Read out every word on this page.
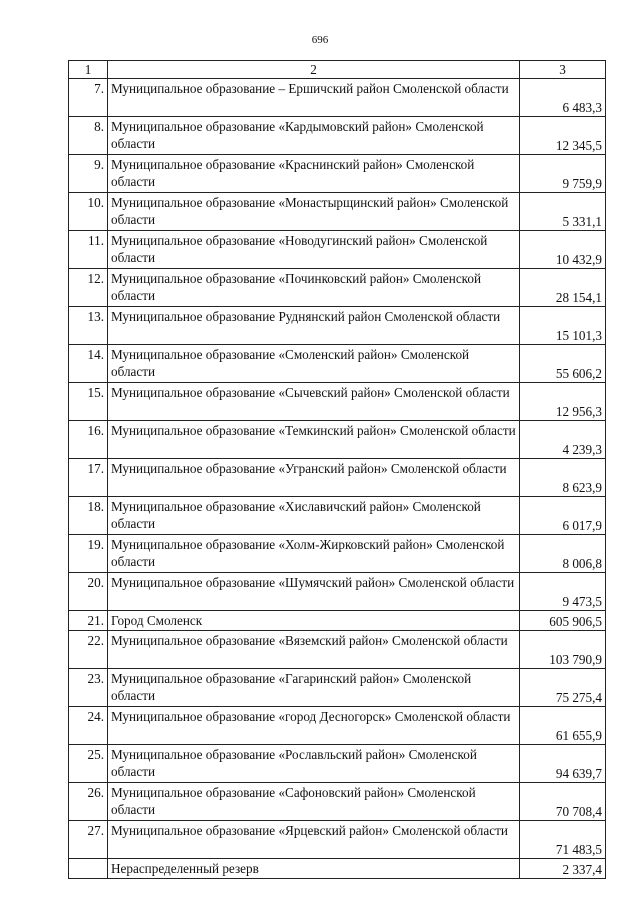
696
1	2	3
7.	Муниципальное образование – Ершичский район Смоленской области	6 483,3
8.	Муниципальное образование «Кардымовский район» Смоленской области	12 345,5
9.	Муниципальное образование «Краснинский район» Смоленской области	9 759,9
10.	Муниципальное образование «Монастырщинский район» Смоленской области	5 331,1
11.	Муниципальное образование «Новодугинский район» Смоленской области	10 432,9
12.	Муниципальное образование «Починковский район» Смоленской области	28 154,1
13.	Муниципальное образование Руднянский район Смоленской области	15 101,3
14.	Муниципальное образование «Смоленский район» Смоленской области	55 606,2
15.	Муниципальное образование «Сычевский район» Смоленской области	12 956,3
16.	Муниципальное образование «Темкинский район» Смоленской области	4 239,3
17.	Муниципальное образование «Угранский район» Смоленской области	8 623,9
18.	Муниципальное образование «Хиславичский район» Смоленской области	6 017,9
19.	Муниципальное образование «Холм-Жирковский район» Смоленской области	8 006,8
20.	Муниципальное образование «Шумячский район» Смоленской области	9 473,5
21.	Город Смоленск	605 906,5
22.	Муниципальное образование «Вяземский район» Смоленской области	103 790,9
23.	Муниципальное образование «Гагаринский район» Смоленской области	75 275,4
24.	Муниципальное образование «город Десногорск» Смоленской области	61 655,9
25.	Муниципальное образование «Рославльский район» Смоленской области	94 639,7
26.	Муниципальное образование «Сафоновский район» Смоленской области	70 708,4
27.	Муниципальное образование «Ярцевский район» Смоленской области	71 483,5
	Нераспределенный резерв	2 337,4
